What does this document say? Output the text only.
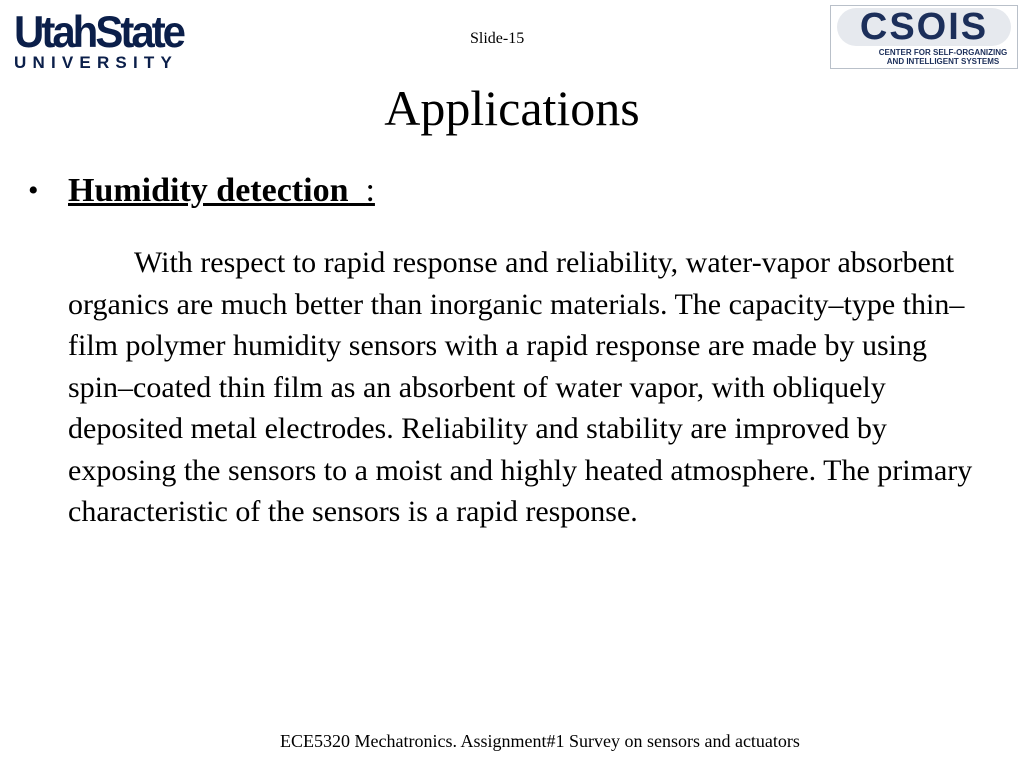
UtahState
UNIVERSITY
Slide-15	CSOIS
CENTER FOR SELF-ORGANIZING
AND INTELLIGENT SYSTEMS
Applications
• Humidity detection :
With respect to rapid response and reliability, water-vapor absorbent organics are much better than inorganic materials. The capacity–type thin–film polymer humidity sensors with a rapid response are made by using spin–coated thin film as an absorbent of water vapor, with obliquely deposited metal electrodes. Reliability and stability are improved by exposing the sensors to a moist and highly heated atmosphere. The primary characteristic of the sensors is a rapid response.
ECE5320 Mechatronics. Assignment#1 Survey on sensors and actuators
